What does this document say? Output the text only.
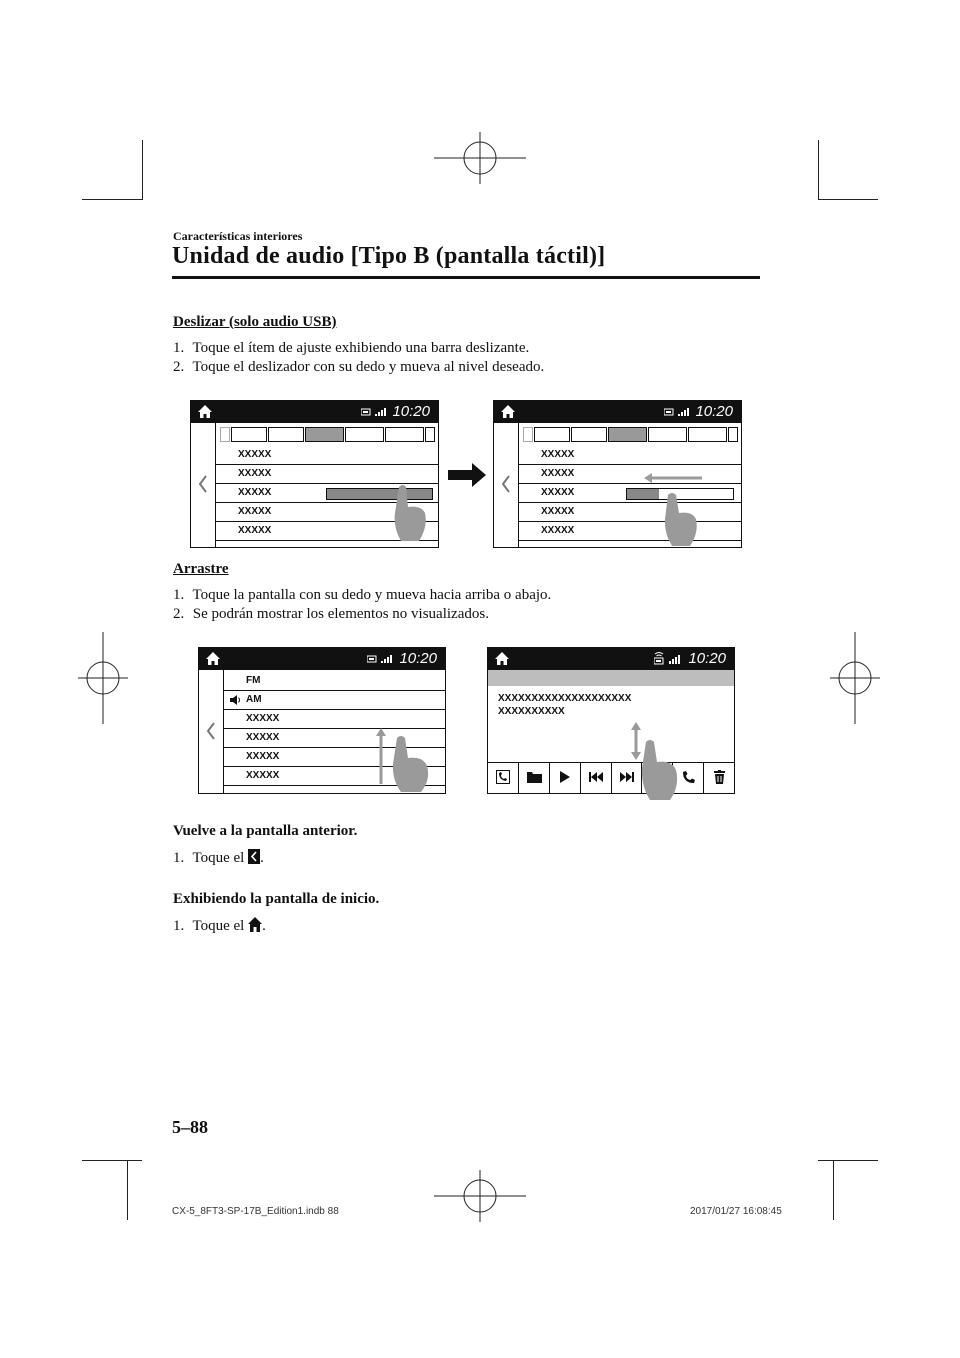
Características interiores
Unidad de audio [Tipo B (pantalla táctil)]
Deslizar (solo audio USB)
1. Toque el ítem de ajuste exhibiendo una barra deslizante.
2. Toque el deslizador con su dedo y mueva al nivel deseado.
10:20
XXXXX
XXXXX
XXXXX
XXXXX
XXXXX
10:20
XXXXX
XXXXX
XXXXX
XXXXX
XXXXX
Arrastre
1. Toque la pantalla con su dedo y mueva hacia arriba o abajo.
2. Se podrán mostrar los elementos no visualizados.
10:20
FM
AM
XXXXX
XXXXX
XXXXX
XXXXX
10:20
XXXXXXXXXXXXXXXXXXXX
XXXXXXXXXX
Vuelve a la pantalla anterior.
1. Toque el .
Exhibiendo la pantalla de inicio.
1. Toque el .
5–88
CX-5_8FT3-SP-17B_Edition1.indb 88	2017/01/27 16:08:45
